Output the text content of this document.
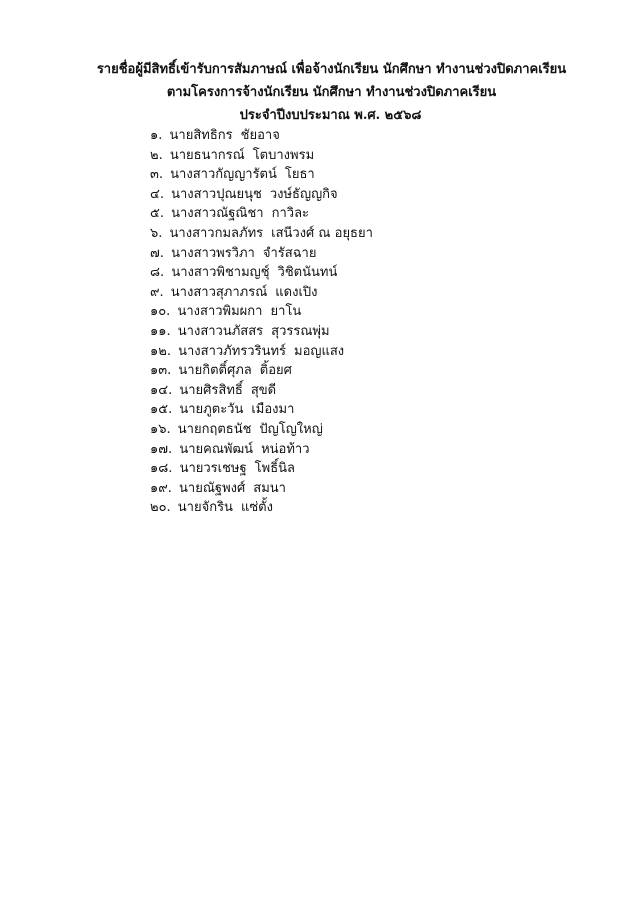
รายชื่อผู้มีสิทธิ์เข้ารับการสัมภาษณ์ เพื่อจ้างนักเรียน นักศึกษา ทำงานช่วงปิดภาคเรียน
ตามโครงการจ้างนักเรียน นักศึกษา ทำงานช่วงปิดภาคเรียน
ประจำปีงบประมาณ พ.ศ. ๒๕๖๘
๑. นายสิทธิกร ชัยอาจ
๒. นายธนากรณ์ โตบางพรม
๓. นางสาวกัญญารัตน์ โยธา
๔. นางสาวปุณยนุช วงษ์ธัญญกิจ
๕. นางสาวณัฐณิชา กาวิละ
๖. นางสาวกมลภัทร เสนีวงศ์ ณ อยุธยา
๗. นางสาวพรวิภา จำรัสฉาย
๘. นางสาวพิชามญชุ์ วิชิตนันทน์
๙. นางสาวสุภาภรณ์ แดงเปิง
๑๐. นางสาวพิมผกา ยาโน
๑๑. นางสาวนภัสสร สุวรรณพุ่ม
๑๒. นางสาวภัทรวรินทร์ มอญแสง
๑๓. นายกิตติ์ศุภล ติ้อยศ
๑๔. นายศิรสิทธิ์ สุขดี
๑๕. นายภูตะวัน เมืองมา
๑๖. นายกฤตธนัช ปัญโญใหญ่
๑๗. นายคณพัฒน์ หน่อท้าว
๑๘. นายวรเชษฐ โพธิ์นิล
๑๙. นายณัฐพงศ์ สมนา
๒๐. นายจักริน แซ่ตั้ง
